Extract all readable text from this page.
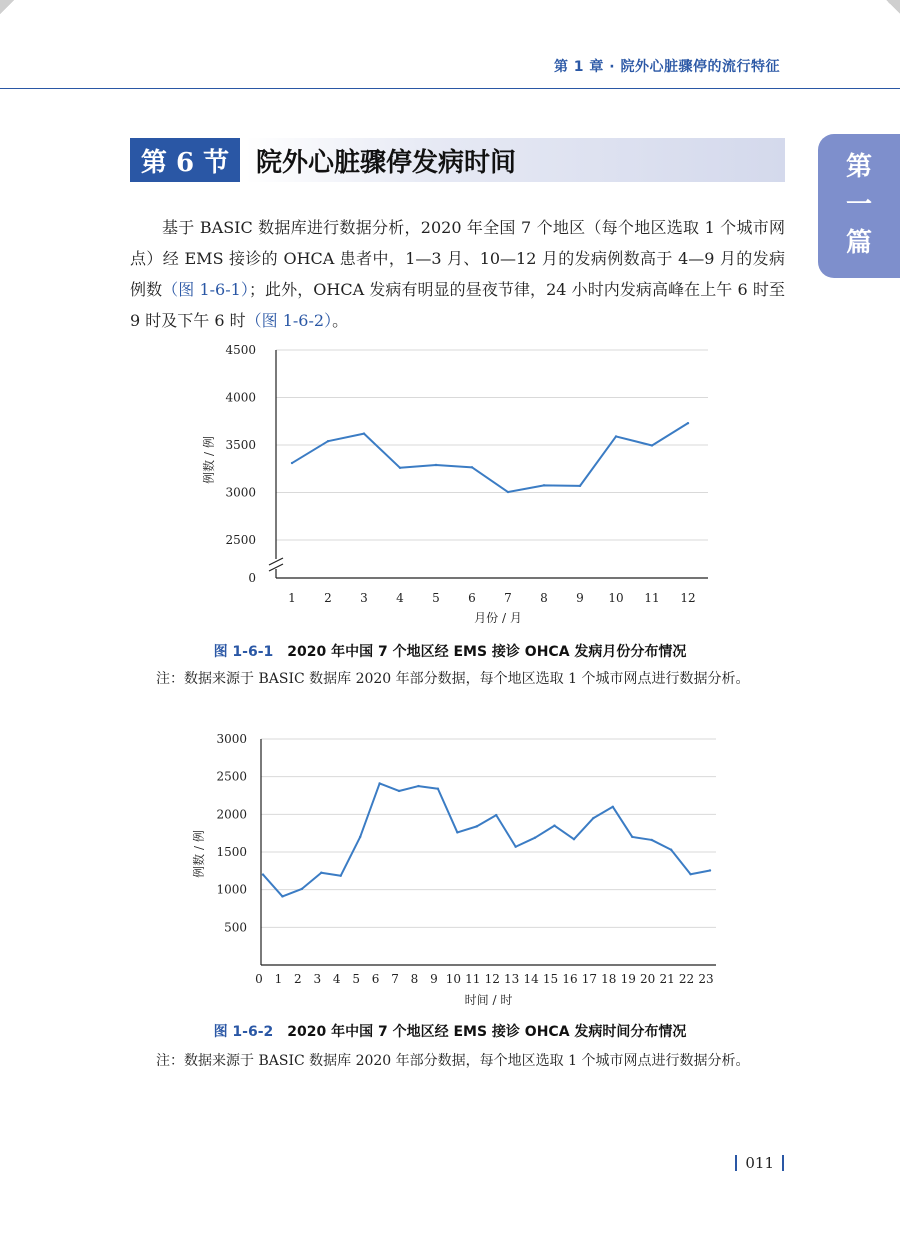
第 1 章 · 院外心脏骤停的流行特征
第
一
篇
第 6 节	院外心脏骤停发病时间

基于 BASIC 数据库进行数据分析，2020 年全国 7 个地区（每个地区选取 1 个城市网点）经 EMS 接诊的 OHCA 患者中，1—3 月、10—12 月的发病例数高于 4—9 月的发病例数（图 1-6-1）；此外，OHCA 发病有明显的昼夜节律，24 小时内发病高峰在上午 6 时至 9 时及下午 6 时（图 1-6-2）。

0
2500
3000
3500
4000
4500
1 2 3 4 5 6 7 8 9 10 11 12
月份 / 月
例数 / 例
图 1-6-1 2020 年中国 7 个地区经 EMS 接诊 OHCA 发病月份分布情况
注：数据来源于 BASIC 数据库 2020 年部分数据，每个地区选取 1 个城市网点进行数据分析。
500
1000
1500
2000
2500
3000
0 1 2 3 4 5 6 7 8 9 10 11 12 13 14 15 16 17 18 19 20 21 22 23
时间 / 时
例数 / 例
图 1-6-2 2020 年中国 7 个地区经 EMS 接诊 OHCA 发病时间分布情况
注：数据来源于 BASIC 数据库 2020 年部分数据，每个地区选取 1 个城市网点进行数据分析。
011
